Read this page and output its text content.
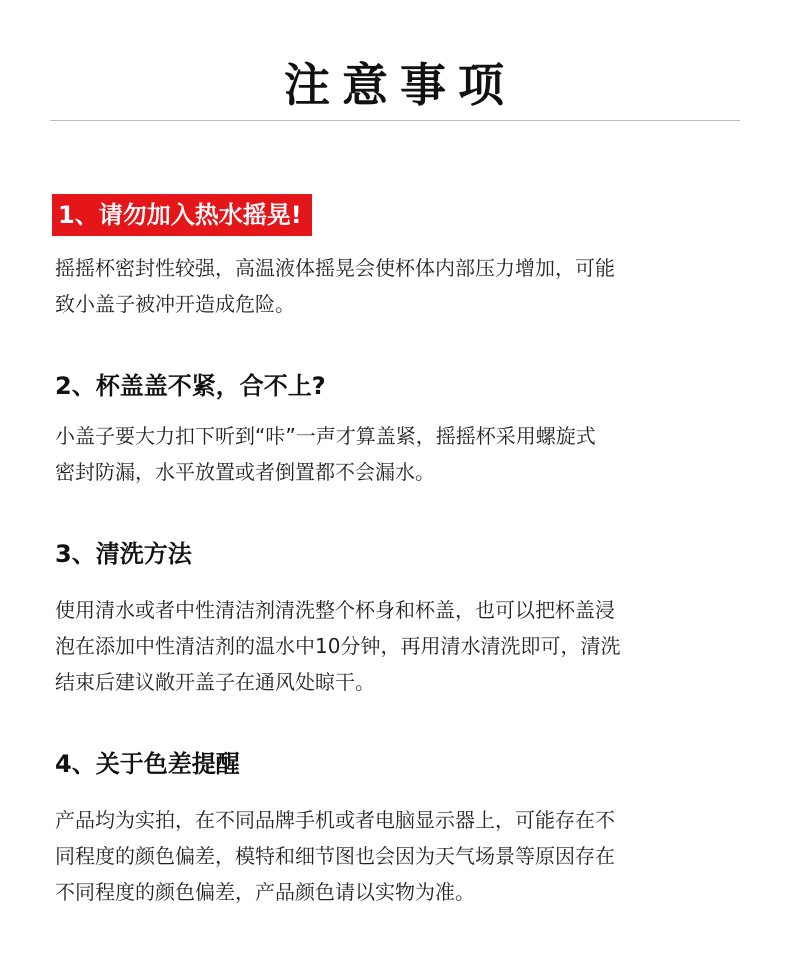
注意事项
1、请勿加入热水摇晃!
摇摇杯密封性较强，高温液体摇晃会使杯体内部压力增加，可能
致小盖子被冲开造成危险。
2、杯盖盖不紧，合不上?
小盖子要大力扣下听到“咔”一声才算盖紧，摇摇杯采用螺旋式
密封防漏，水平放置或者倒置都不会漏水。
3、清洗方法
使用清水或者中性清洁剂清洗整个杯身和杯盖，也可以把杯盖浸
泡在添加中性清洁剂的温水中10分钟，再用清水清洗即可，清洗
结束后建议敞开盖子在通风处晾干。
4、关于色差提醒
产品均为实拍，在不同品牌手机或者电脑显示器上，可能存在不
同程度的颜色偏差，模特和细节图也会因为天气场景等原因存在
不同程度的颜色偏差，产品颜色请以实物为准。
